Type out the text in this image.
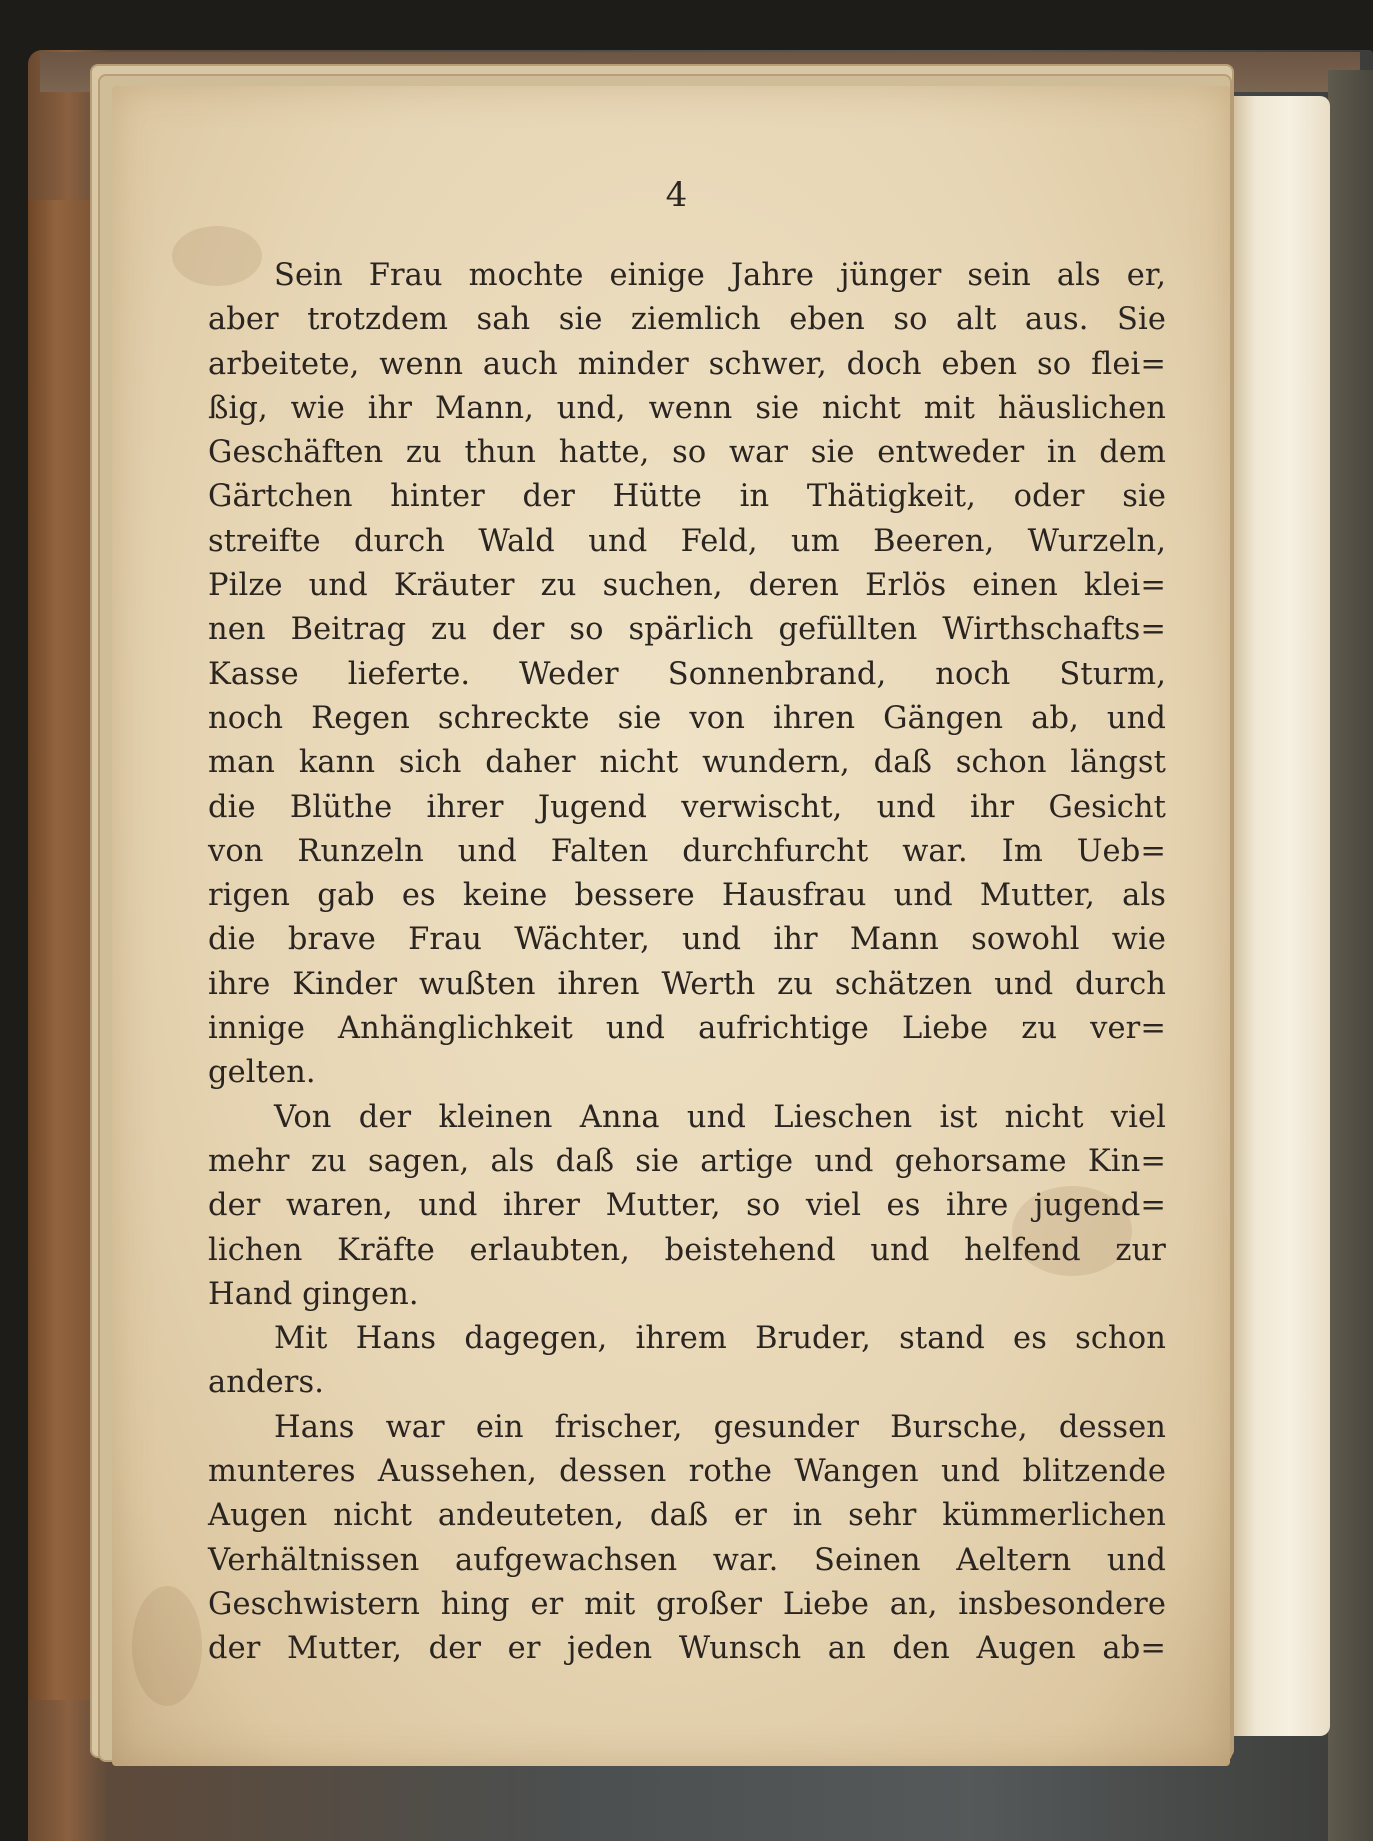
4
Sein Frau mochte einige Jahre jünger sein als er,
aber trotzdem sah sie ziemlich eben so alt aus. Sie
arbeitete, wenn auch minder schwer, doch eben so flei=
ßig, wie ihr Mann, und, wenn sie nicht mit häuslichen
Geschäften zu thun hatte, so war sie entweder in dem
Gärtchen hinter der Hütte in Thätigkeit, oder sie
streifte durch Wald und Feld, um Beeren, Wurzeln,
Pilze und Kräuter zu suchen, deren Erlös einen klei=
nen Beitrag zu der so spärlich gefüllten Wirthschafts=
Kasse lieferte. Weder Sonnenbrand, noch Sturm,
noch Regen schreckte sie von ihren Gängen ab, und
man kann sich daher nicht wundern, daß schon längst
die Blüthe ihrer Jugend verwischt, und ihr Gesicht
von Runzeln und Falten durchfurcht war. Im Ueb=
rigen gab es keine bessere Hausfrau und Mutter, als
die brave Frau Wächter, und ihr Mann sowohl wie
ihre Kinder wußten ihren Werth zu schätzen und durch
innige Anhänglichkeit und aufrichtige Liebe zu ver=
gelten.
Von der kleinen Anna und Lieschen ist nicht viel
mehr zu sagen, als daß sie artige und gehorsame Kin=
der waren, und ihrer Mutter, so viel es ihre jugend=
lichen Kräfte erlaubten, beistehend und helfend zur
Hand gingen.
Mit Hans dagegen, ihrem Bruder, stand es schon
anders.
Hans war ein frischer, gesunder Bursche, dessen
munteres Aussehen, dessen rothe Wangen und blitzende
Augen nicht andeuteten, daß er in sehr kümmerlichen
Verhältnissen aufgewachsen war. Seinen Aeltern und
Geschwistern hing er mit großer Liebe an, insbesondere
der Mutter, der er jeden Wunsch an den Augen ab=
